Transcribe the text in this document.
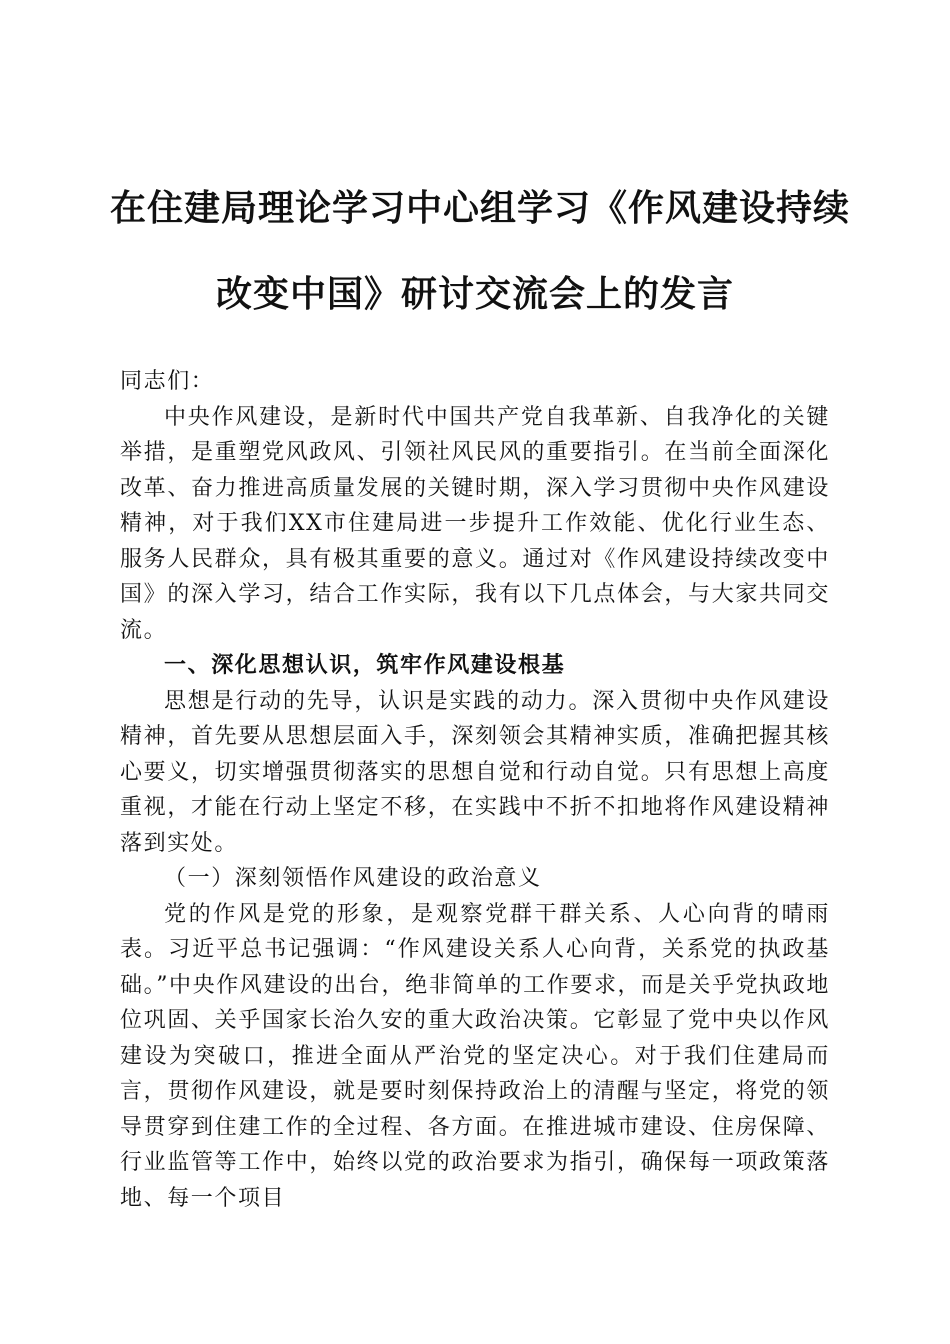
在住建局理论学习中心组学习《作风建设持续
改变中国》研讨交流会上的发言

同志们：

中央作风建设，是新时代中国共产党自我革新、自我净化的关键举措，是重塑党风政风、引领社风民风的重要指引。在当前全面深化改革、奋力推进高质量发展的关键时期，深入学习贯彻中央作风建设精神，对于我们XX市住建局进一步提升工作效能、优化行业生态、服务人民群众，具有极其重要的意义。通过对《作风建设持续改变中国》的深入学习，结合工作实际，我有以下几点体会，与大家共同交流。

一、深化思想认识，筑牢作风建设根基

思想是行动的先导，认识是实践的动力。深入贯彻中央作风建设精神，首先要从思想层面入手，深刻领会其精神实质，准确把握其核心要义，切实增强贯彻落实的思想自觉和行动自觉。只有思想上高度重视，才能在行动上坚定不移，在实践中不折不扣地将作风建设精神落到实处。

（一）深刻领悟作风建设的政治意义

党的作风是党的形象，是观察党群干群关系、人心向背的晴雨表。习近平总书记强调：“作风建设关系人心向背，关系党的执政基础。”中央作风建设的出台，绝非简单的工作要求，而是关乎党执政地位巩固、关乎国家长治久安的重大政治决策。它彰显了党中央以作风建设为突破口，推进全面从严治党的坚定决心。对于我们住建局而言，贯彻作风建设，就是要时刻保持政治上的清醒与坚定，将党的领导贯穿到住建工作的全过程、各方面。在推进城市建设、住房保障、行业监管等工作中，始终以党的政治要求为指引，确保每一项政策落地、每一个项目
